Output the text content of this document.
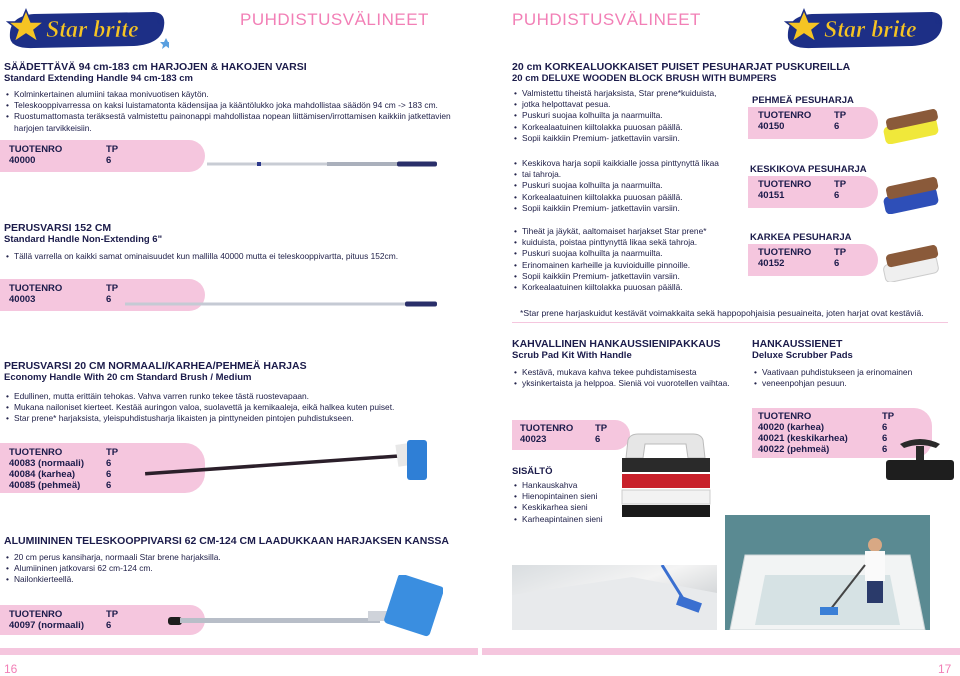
Star brite ®	PUHDISTUSVÄLINEET	PUHDISTUSVÄLINEET	Star brite ®
SÄÄDETTÄVÄ 94 cm-183 cm HARJOJEN & HAKOJEN VARSI
Standard Extending Handle 94 cm-183 cm
• Kolminkertainen alumiini takaa monivuotisen käytön.
• Teleskooppivarressa on kaksi luistamatonta kädensijaa ja kääntölukko joka mahdollistaa säädön 94 cm -> 183 cm.
• Ruostumattomasta teräksestä valmistettu painonappi mahdollistaa nopean liittämisen/irrottamisen kaikkiin jatkettavien
harjojen tarvikkeisiin.
TUOTENRO	TP
40000	6
PERUSVARSI 152 CM
Standard Handle Non-Extending 6"
• Tällä varrella on kaikki samat ominaisuudet kun mallilla 40000 mutta ei teleskooppivartta, pituus 152cm.
TUOTENRO	TP
40003	6
PERUSVARSI 20 CM NORMAALI/KARHEA/PEHMEÄ HARJAS
Economy Handle With 20 cm Standard Brush / Medium
• Edullinen, mutta erittäin tehokas. Vahva varren runko tekee tästä ruostevapaan.
• Mukana nailoniset kierteet. Kestää auringon valoa, suolavettä ja kemikaaleja, eikä halkea kuten puiset.
• Star prene* harjaksista, yleispuhdistusharja likaisten ja pinttyneiden pintojen puhdistukseen.
TUOTENRO	TP
40083 (normaali)	6
40084 (karhea)	6
40085 (pehmeä)	6
ALUMIININEN TELESKOOPPIVARSI 62 CM-124 CM LAADUKKAAN HARJAKSEN KANSSA
• 20 cm perus kansiharja, normaali Star brene harjaksilla.
• Alumiininen jatkovarsi 62 cm-124 cm.
• Nailonkierteellä.
TUOTENRO	TP
40097 (normaali)	6
16
20 cm KORKEALUOKKAISET PUISET PESUHARJAT PUSKUREILLA
20 cm DELUXE WOODEN BLOCK BRUSH WITH BUMPERS
• Valmistettu tiheistä harjaksista, Star prene*kuiduista,
• jotka helpottavat pesua.
• Puskuri suojaa kolhuilta ja naarmuilta.
• Korkealaatuinen kiiltolakka puuosan päällä.
• Sopii kaikkiin Premium- jatkettaviin varsiin.
• Keskikova harja sopii kaikkialle jossa pinttynyttä likaa
• tai tahroja.
• Puskuri suojaa kolhuilta ja naarmuilta.
• Korkealaatuinen kiiltolakka puuosan päällä.
• Sopii kaikkiin Premium- jatkettaviin varsiin.
• Tiheät ja jäykät, aaltomaiset harjakset Star prene*
• kuiduista, poistaa pinttynyttä likaa sekä tahroja.
• Puskuri suojaa kolhuilta ja naarmuilta.
• Erinomainen karheille ja kuvioiduille pinnoille.
• Sopii kaikkiin Premium- jatkettaviin varsiin.
• Korkealaatuinen kiiltolakka puuosan päällä.
PEHMEÄ PESUHARJA
TUOTENRO	TP
40150	6
KESKIKOVA PESUHARJA
TUOTENRO	TP
40151	6
KARKEA PESUHARJA
TUOTENRO	TP
40152	6
*Star prene harjaskuidut kestävät voimakkaita sekä happopohjaisia pesuaineita, joten harjat ovat kestäviä.
KAHVALLINEN HANKAUSSIENIPAKKAUS
Scrub Pad Kit With Handle
• Kestävä, mukava kahva tekee puhdistamisesta
• yksinkertaista ja helppoa. Sieniä voi vuorotellen vaihtaa.
TUOTENRO	TP
40023	6
SISÄLTÖ
• Hankauskahva
• Hienopintainen sieni
• Keskikarhea sieni
• Karheapintainen sieni
HANKAUSSIENET
Deluxe Scrubber Pads
• Vaativaan puhdistukseen ja erinomainen
• veneenpohjan pesuun.
TUOTENRO	TP
40020 (karhea)	6
40021 (keskikarhea)	6
40022 (pehmeä)	6
17
